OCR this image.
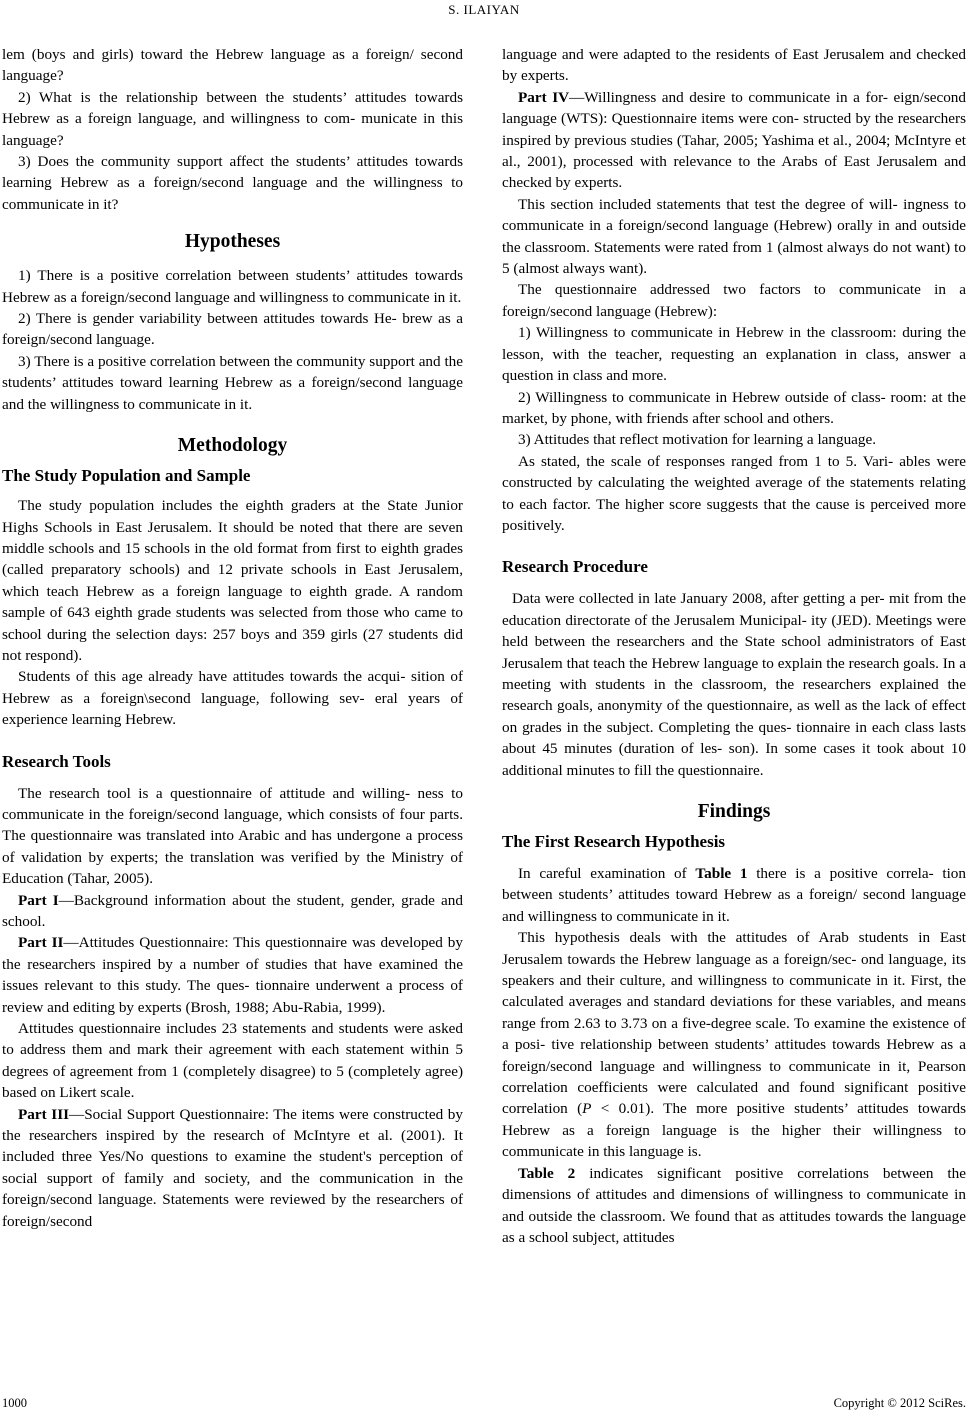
S. ILAIYAN

lem (boys and girls) toward the Hebrew language as a foreign/ second language?

2) What is the relationship between the students’ attitudes towards Hebrew as a foreign language, and willingness to com- municate in this language?

3) Does the community support affect the students’ attitudes towards learning Hebrew as a foreign/second language and the willingness to communicate in it?

Hypotheses

1) There is a positive correlation between students’ attitudes towards Hebrew as a foreign/second language and willingness to communicate in it.

2) There is gender variability between attitudes towards He- brew as a foreign/second language.

3) There is a positive correlation between the community support and the students’ attitudes toward learning Hebrew as a foreign/second language and the willingness to communicate in it.

Methodology
The Study Population and Sample

The study population includes the eighth graders at the State Junior Highs Schools in East Jerusalem. It should be noted that there are seven middle schools and 15 schools in the old format from first to eighth grades (called preparatory schools) and 12 private schools in East Jerusalem, which teach Hebrew as a foreign language to eighth grade. A random sample of 643 eighth grade students was selected from those who came to school during the selection days: 257 boys and 359 girls (27 students did not respond).

Students of this age already have attitudes towards the acqui- sition of Hebrew as a foreign\second language, following sev- eral years of experience learning Hebrew.

Research Tools

The research tool is a questionnaire of attitude and willing- ness to communicate in the foreign/second language, which consists of four parts. The questionnaire was translated into Arabic and has undergone a process of validation by experts; the translation was verified by the Ministry of Education (Tahar, 2005).

Part I—Background information about the student, gender, grade and school.

Part II—Attitudes Questionnaire: This questionnaire was developed by the researchers inspired by a number of studies that have examined the issues relevant to this study. The ques- tionnaire underwent a process of review and editing by experts (Brosh, 1988; Abu-Rabia, 1999).

Attitudes questionnaire includes 23 statements and students were asked to address them and mark their agreement with each statement within 5 degrees of agreement from 1 (completely disagree) to 5 (completely agree) based on Likert scale.

Part III—Social Support Questionnaire: The items were constructed by the researchers inspired by the research of McIntyre et al. (2001). It included three Yes/No questions to examine the student's perception of social support of family and society, and the communication in the foreign/second language. Statements were reviewed by the researchers of foreign/second

language and were adapted to the residents of East Jerusalem and checked by experts.

Part IV—Willingness and desire to communicate in a for- eign/second language (WTS): Questionnaire items were con- structed by the researchers inspired by previous studies (Tahar, 2005; Yashima et al., 2004; McIntyre et al., 2001), processed with relevance to the Arabs of East Jerusalem and checked by experts.

This section included statements that test the degree of will- ingness to communicate in a foreign/second language (Hebrew) orally in and outside the classroom. Statements were rated from 1 (almost always do not want) to 5 (almost always want).

The questionnaire addressed two factors to communicate in a foreign/second language (Hebrew):

1) Willingness to communicate in Hebrew in the classroom: during the lesson, with the teacher, requesting an explanation in class, answer a question in class and more.

2) Willingness to communicate in Hebrew outside of class- room: at the market, by phone, with friends after school and others.

3) Attitudes that reflect motivation for learning a language.

As stated, the scale of responses ranged from 1 to 5. Vari- ables were constructed by calculating the weighted average of the statements relating to each factor. The higher score suggests that the cause is perceived more positively.

Research Procedure

Data were collected in late January 2008, after getting a per- mit from the education directorate of the Jerusalem Municipal- ity (JED). Meetings were held between the researchers and the State school administrators of East Jerusalem that teach the Hebrew language to explain the research goals. In a meeting with students in the classroom, the researchers explained the research goals, anonymity of the questionnaire, as well as the lack of effect on grades in the subject. Completing the ques- tionnaire in each class lasts about 45 minutes (duration of les- son). In some cases it took about 10 additional minutes to fill the questionnaire.

Findings
The First Research Hypothesis

In careful examination of Table 1 there is a positive correla- tion between students’ attitudes toward Hebrew as a foreign/ second language and willingness to communicate in it.

This hypothesis deals with the attitudes of Arab students in East Jerusalem towards the Hebrew language as a foreign/sec- ond language, its speakers and their culture, and willingness to communicate in it. First, the calculated averages and standard deviations for these variables, and means range from 2.63 to 3.73 on a five-degree scale. To examine the existence of a posi- tive relationship between students’ attitudes towards Hebrew as a foreign/second language and willingness to communicate in it, Pearson correlation coefficients were calculated and found significant positive correlation (P < 0.01). The more positive students’ attitudes towards Hebrew as a foreign language is the higher their willingness to communicate in this language is.

Table 2 indicates significant positive correlations between the dimensions of attitudes and dimensions of willingness to communicate in and outside the classroom. We found that as attitudes towards the language as a school subject, attitudes

1000	Copyright © 2012 SciRes.
